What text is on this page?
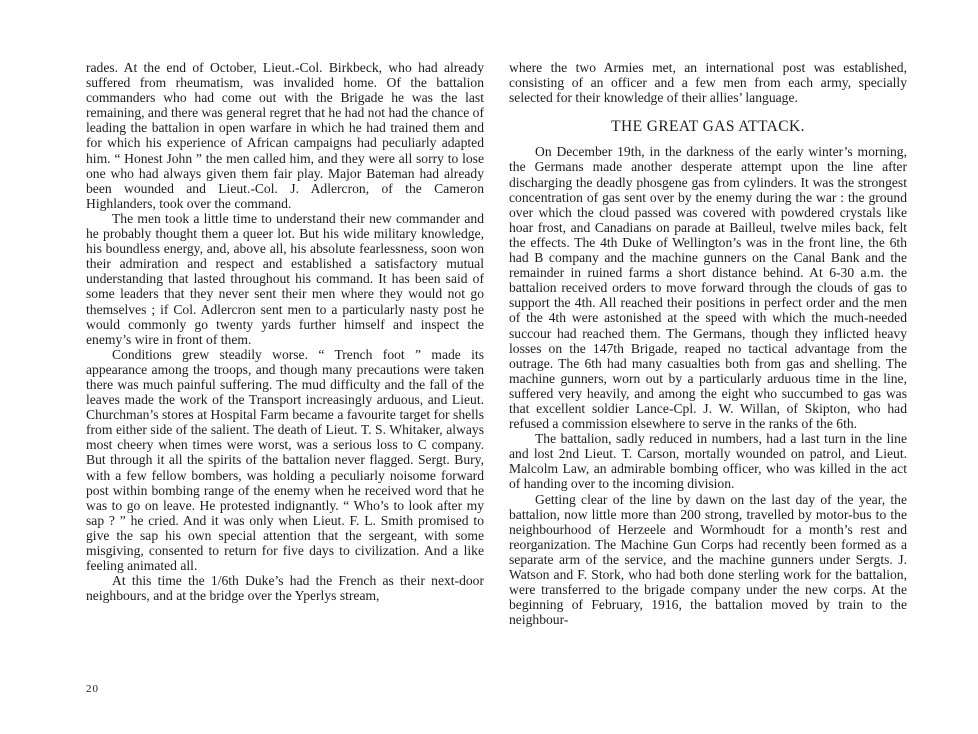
rades. At the end of October, Lieut.-Col. Birkbeck, who had already suffered from rheumatism, was invalided home. Of the battalion commanders who had come out with the Brigade he was the last remaining, and there was general regret that he had not had the chance of leading the battalion in open warfare in which he had trained them and for which his experience of African campaigns had peculiarly adapted him. “ Honest John ” the men called him, and they were all sorry to lose one who had always given them fair play. Major Bateman had already been wounded and Lieut.-Col. J. Adlercron, of the Cameron Highlanders, took over the command.

The men took a little time to understand their new commander and he probably thought them a queer lot. But his wide military knowledge, his boundless energy, and, above all, his absolute fearlessness, soon won their admiration and respect and established a satisfactory mutual understanding that lasted throughout his command. It has been said of some leaders that they never sent their men where they would not go themselves ; if Col. Adlercron sent men to a particularly nasty post he would commonly go twenty yards further himself and inspect the enemy’s wire in front of them.

Conditions grew steadily worse. “ Trench foot ” made its appearance among the troops, and though many precautions were taken there was much painful suffering. The mud difficulty and the fall of the leaves made the work of the Transport increasingly arduous, and Lieut. Churchman’s stores at Hospital Farm became a favourite target for shells from either side of the salient. The death of Lieut. T. S. Whitaker, always most cheery when times were worst, was a serious loss to C company. But through it all the spirits of the battalion never flagged. Sergt. Bury, with a few fellow bombers, was holding a peculiarly noisome forward post within bombing range of the enemy when he received word that he was to go on leave. He protested indignantly. “ Who’s to look after my sap ? ” he cried. And it was only when Lieut. F. L. Smith promised to give the sap his own special attention that the sergeant, with some misgiving, consented to return for five days to civilization. And a like feeling animated all.

At this time the 1/6th Duke’s had the French as their next-door neighbours, and at the bridge over the Yperlys stream,

where the two Armies met, an international post was established, consisting of an officer and a few men from each army, specially selected for their knowledge of their allies’ language.

THE GREAT GAS ATTACK.

On December 19th, in the darkness of the early winter’s morning, the Germans made another desperate attempt upon the line after discharging the deadly phosgene gas from cylinders. It was the strongest concentration of gas sent over by the enemy during the war : the ground over which the cloud passed was covered with powdered crystals like hoar frost, and Canadians on parade at Bailleul, twelve miles back, felt the effects. The 4th Duke of Wellington’s was in the front line, the 6th had B company and the machine gunners on the Canal Bank and the remainder in ruined farms a short distance behind. At 6-30 a.m. the battalion received orders to move forward through the clouds of gas to support the 4th. All reached their positions in perfect order and the men of the 4th were astonished at the speed with which the much-needed succour had reached them. The Germans, though they inflicted heavy losses on the 147th Brigade, reaped no tactical advantage from the outrage. The 6th had many casualties both from gas and shelling. The machine gunners, worn out by a particularly arduous time in the line, suffered very heavily, and among the eight who succumbed to gas was that excellent soldier Lance-Cpl. J. W. Willan, of Skipton, who had refused a commission elsewhere to serve in the ranks of the 6th.

The battalion, sadly reduced in numbers, had a last turn in the line and lost 2nd Lieut. T. Carson, mortally wounded on patrol, and Lieut. Malcolm Law, an admirable bombing officer, who was killed in the act of handing over to the incoming division.

Getting clear of the line by dawn on the last day of the year, the battalion, now little more than 200 strong, travelled by motor-bus to the neighbourhood of Herzeele and Wormhoudt for a month’s rest and reorganization. The Machine Gun Corps had recently been formed as a separate arm of the service, and the machine gunners under Sergts. J. Watson and F. Stork, who had both done sterling work for the battalion, were transferred to the brigade company under the new corps. At the beginning of February, 1916, the battalion moved by train to the neighbour-

20
